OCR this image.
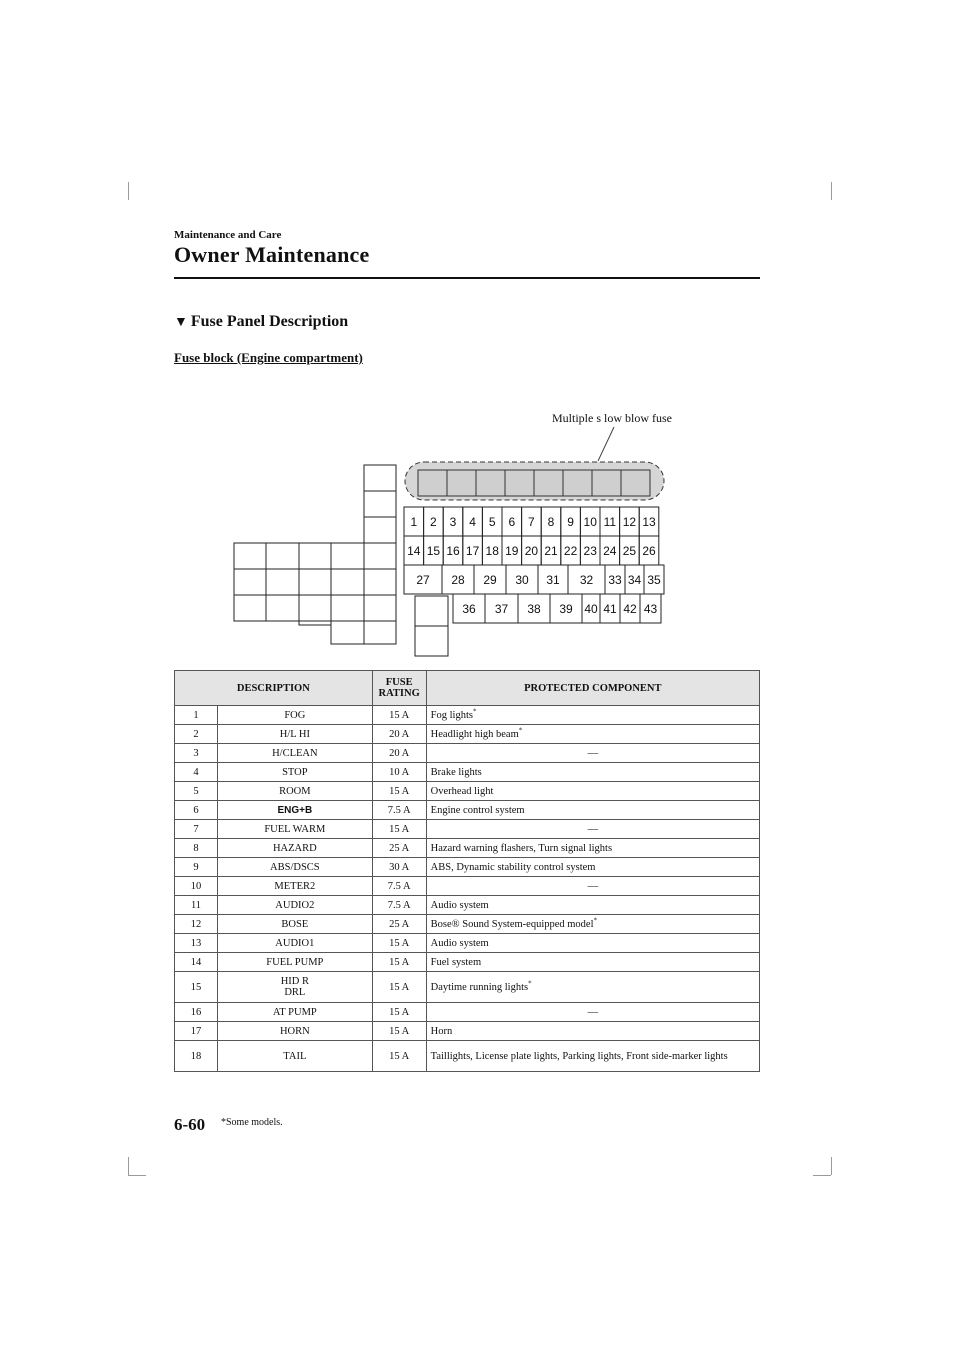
Maintenance and Care
Owner Maintenance
▼ Fuse Panel Description
Fuse block (Engine compartment)
Multiple s low blow fuse
1 2 3 4 5 6 7 8 9 10 11 12 13
14 15 16 17 18 19 20 21 22 23 24 25 26
27 28 29 30 31 32 33 34 35
36 37 38 39 40 41 42 43
DESCRIPTION		FUSE
RATING	PROTECTED COMPONENT
1	FOG	15 A	Fog lights*
2	H/L HI	20 A	Headlight high beam*
3	H/CLEAN	20 A	—
4	STOP	10 A	Brake lights
5	ROOM	15 A	Overhead light
6	ENG+B	7.5 A	Engine control system
7	FUEL WARM	15 A	—
8	HAZARD	25 A	Hazard warning flashers, Turn signal lights
9	ABS/DSCS	30 A	ABS, Dynamic stability control system
10	METER2	7.5 A	—
11	AUDIO2	7.5 A	Audio system
12	BOSE	25 A	Bose® Sound System-equipped model*
13	AUDIO1	15 A	Audio system
14	FUEL PUMP	15 A	Fuel system
15	HID R
DRL	15 A	Daytime running lights*
16	AT PUMP	15 A	—
17	HORN	15 A	Horn
18	TAIL	15 A	Taillights, License plate lights, Parking lights, Front side-marker lights
6-60 *Some models.
